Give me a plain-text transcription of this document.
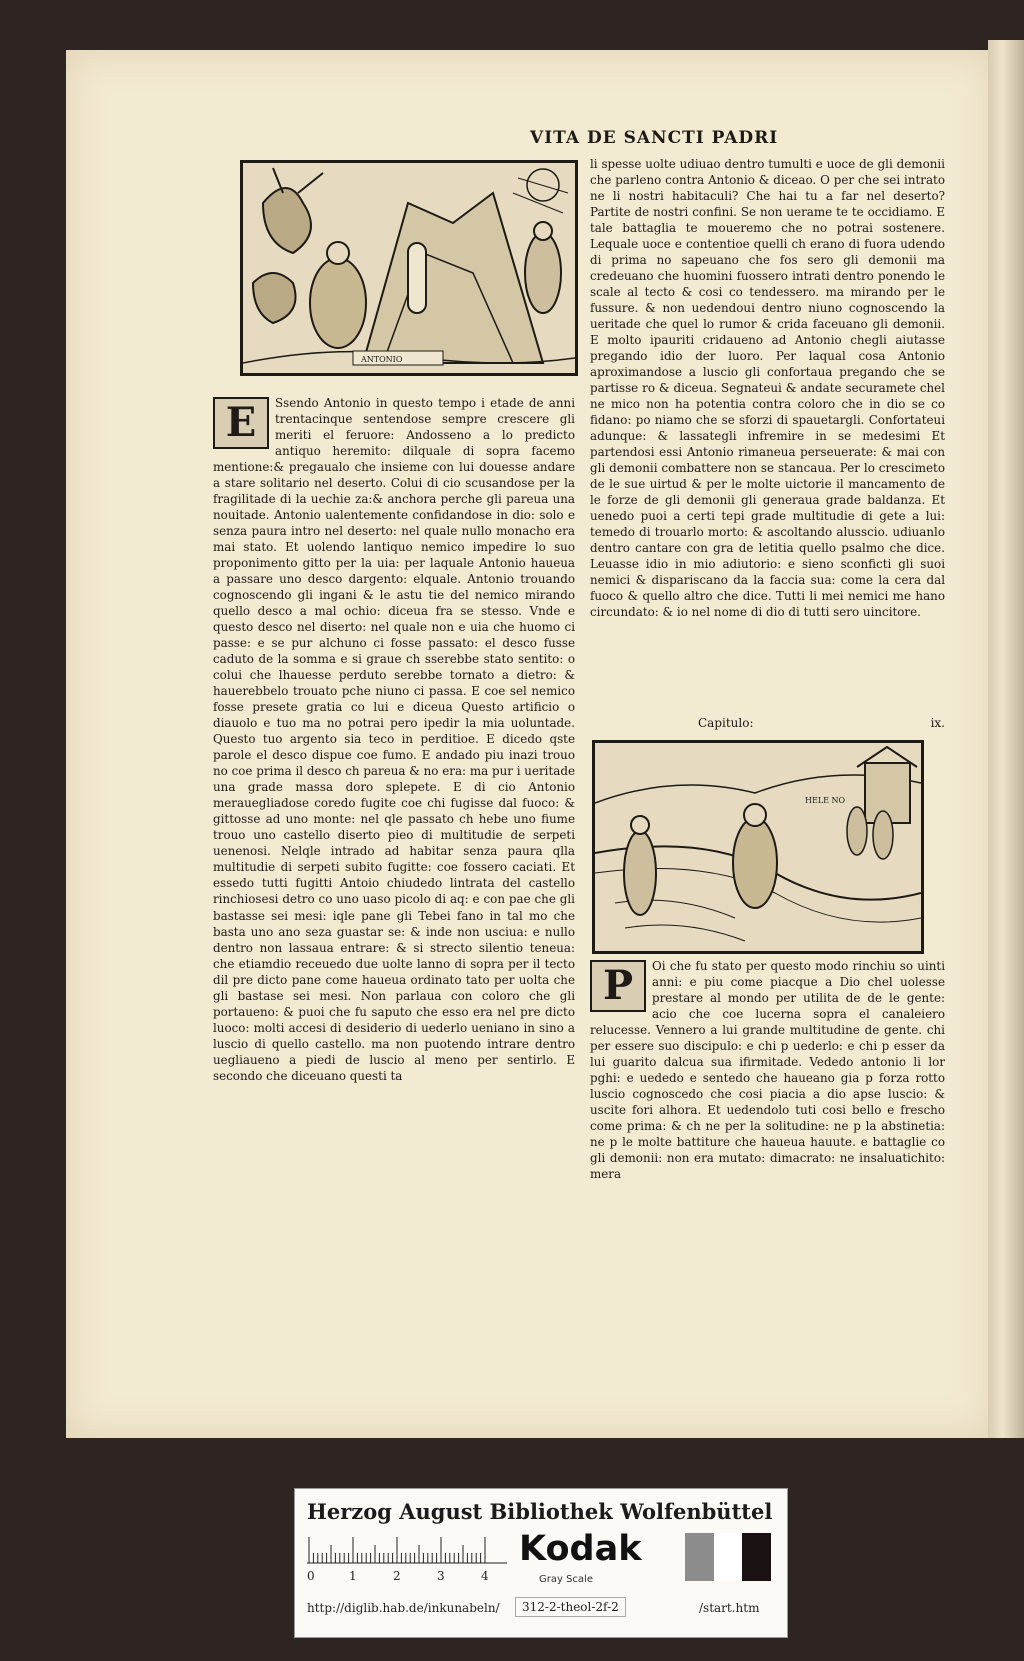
VITA DE SANCTI PADRI
ANTONIO
E	Ssendo Antonio in questo tempo i etade de anni trentacinque sentendose sempre crescere gli meriti el feruore: Andosseno a lo predicto antiquo heremito: dilquale di sopra facemo mentione:& pregaualo che insieme con lui douesse andare a stare solitario nel deserto. Colui di cio scusandose per la fragilitade di la uechie za:& anchora perche gli pareua una nouitade. Antonio ualentemente confidandose in dio: solo e senza paura intro nel deserto: nel quale nullo monacho era mai stato. Et uolendo lantiquo nemico impedire lo suo proponimento gitto per la uia: per laquale Antonio haueua a passare uno desco dargento: elquale. Antonio trouando cognoscendo gli ingani & le astu tie del nemico mirando quello desco a mal ochio: diceua fra se stesso. Vnde e questo desco nel diserto: nel quale non e uia che huomo ci passe: e se pur alchuno ci fosse passato: el desco fusse caduto de la somma e si graue ch sserebbe stato sentito: o colui che lhauesse perduto serebbe tornato a dietro: & hauerebbelo trouato pche niuno ci passa. E coe sel nemico fosse presete gratia co lui e diceua Questo artificio o diauolo e tuo ma no potrai pero ipedir la mia uoluntade. Questo tuo argento sia teco in perditioe. E dicedo qste parole el desco dispue coe fumo. E andado piu inazi trouo no coe prima il desco ch pareua & no era: ma pur i ueritade una grade massa doro splepete. E di cio Antonio merauegliadose coredo fugite coe chi fugisse dal fuoco: & gittosse ad uno monte: nel qle passato ch hebe uno fiume trouo uno castello diserto pieo di multitudie de serpeti uenenosi. Nelqle intrado ad habitar senza paura qlla multitudie di serpeti subito fugitte: coe fossero caciati. Et essedo tutti fugitti Antoio chiudedo lintrata del castello rinchiosesi detro co uno uaso picolo di aq: e con pae che gli bastasse sei mesi: iqle pane gli Tebei fano in tal mo che basta uno ano seza guastar se: & inde non usciua: e nullo dentro non lassaua entrare: & si strecto silentio teneua: che etiamdio receuedo due uolte lanno di sopra per il tecto dil pre dicto pane come haueua ordinato tato per uolta che gli bastase sei mesi. Non parlaua con coloro che gli portaueno: & puoi che fu saputo che esso era nel pre dicto luoco: molti accesi di desiderio di uederlo ueniano in sino a luscio di quello castello. ma non puotendo intrare dentro uegliaueno a piedi de luscio al meno per sentirlo. E secondo che diceuano questi ta

li spesse uolte udiuao dentro tumulti e uoce de gli demonii che parleno contra Antonio & diceao. O per che sei intrato ne li nostri habitaculi? Che hai tu a far nel deserto? Partite de nostri confini. Se non uerame te te occidiamo. E tale battaglia te moueremo che no potrai sostenere. Lequale uoce e contentioe quelli ch erano di fuora udendo di prima no sapeuano che fos sero gli demonii ma credeuano che huomini fuossero intrati dentro ponendo le scale al tecto & cosi co tendessero. ma mirando per le fussure. & non uedendoui dentro niuno cognoscendo la ueritade che quel lo rumor & crida faceuano gli demonii. E molto ipauriti cridaueno ad Antonio chegli aiutasse pregando idio der luoro. Per laqual cosa Antonio aproximandose a luscio gli confortaua pregando che se partisse ro & diceua. Segnateui & andate securamete chel ne mico non ha potentia contra coloro che in dio se co fidano: po niamo che se sforzi di spauetargli. Confortateui adunque: & lassategli infremire in se medesimi Et partendosi essi Antonio rimaneua perseuerate: & mai con gli demonii combattere non se stancaua. Per lo crescimeto de le sue uirtud & per le molte uictorie il mancamento de le forze de gli demonii gli generaua grade baldanza. Et uenedo puoi a certi tepi grade multitudie di gete a lui: temedo di trouarlo morto: & ascoltando alusscio. udiuanlo dentro cantare con gra de letitia quello psalmo che dice. Leuasse idio in mio adiutorio: e sieno sconficti gli suoi nemici & dispariscano da la faccia sua: come la cera dal fuoco & quello altro che dice. Tutti li mei nemici me hano circundato: & io nel nome di dio di tutti sero uincitore.

Capitulo:	ix.
HELE NO
P	Oi che fu stato per questo modo rinchiu so uinti anni: e piu come piacque a Dio chel uolesse prestare al mondo per utilita de de le gente: acio che coe lucerna sopra el canaleiero relucesse. Vennero a lui grande multitudine de gente. chi per essere suo discipulo: e chi p uederlo: e chi p esser da lui guarito dalcua sua ifirmitade. Vededo antonio li lor pghi: e uededo e sentedo che haueano gia p forza rotto luscio cognoscedo che cosi piacia a dio apse luscio: & uscite fori alhora. Et uedendolo tuti cosi bello e frescho come prima: & ch ne per la solitudine: ne p la abstinetia: ne p le molte battiture che haueua hauute. e battaglie co gli demonii: non era mutato: dimacrato: ne insaluatichito: mera

Herzog August Bibliothek Wolfenbüttel
0	1	2	3	4
Kodak
Gray Scale
http://diglib.hab.de/inkunabeln/	312-2-theol-2f-2	/start.htm
